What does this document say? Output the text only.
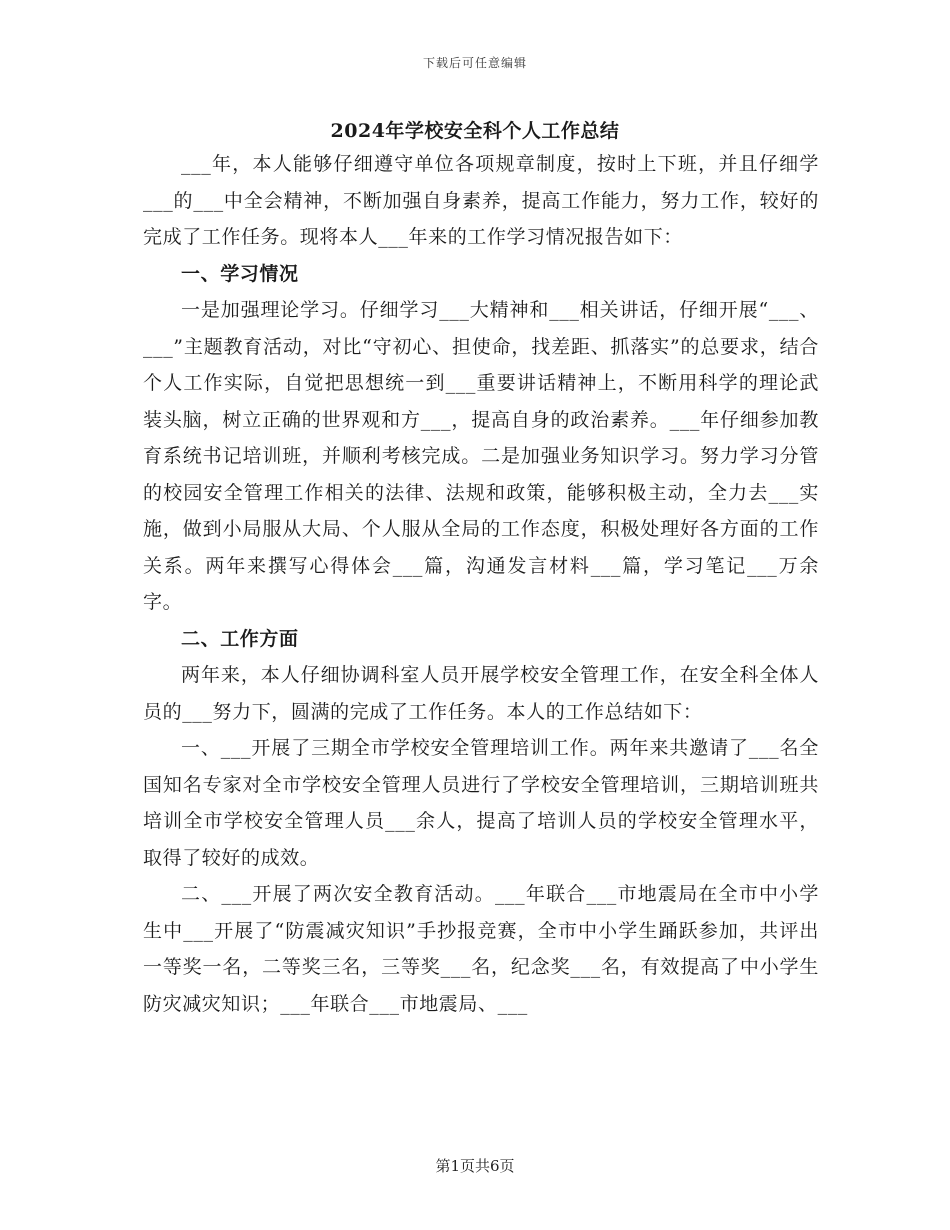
下载后可任意编辑
2024年学校安全科个人工作总结

___年，本人能够仔细遵守单位各项规章制度，按时上下班，并且仔细学___的___中全会精神，不断加强自身素养，提高工作能力，努力工作，较好的完成了工作任务。现将本人___年来的工作学习情况报告如下：

一、学习情况

一是加强理论学习。仔细学习___大精神和___相关讲话，仔细开展“___、___”主题教育活动，对比“守初心、担使命，找差距、抓落实”的总要求，结合个人工作实际，自觉把思想统一到___重要讲话精神上，不断用科学的理论武装头脑，树立正确的世界观和方___，提高自身的政治素养。___年仔细参加教育系统书记培训班，并顺利考核完成。二是加强业务知识学习。努力学习分管的校园安全管理工作相关的法律、法规和政策，能够积极主动，全力去___实施，做到小局服从大局、个人服从全局的工作态度，积极处理好各方面的工作关系。两年来撰写心得体会___篇，沟通发言材料___篇，学习笔记___万余字。

二、工作方面

两年来，本人仔细协调科室人员开展学校安全管理工作，在安全科全体人员的___努力下，圆满的完成了工作任务。本人的工作总结如下：

一、___开展了三期全市学校安全管理培训工作。两年来共邀请了___名全国知名专家对全市学校安全管理人员进行了学校安全管理培训，三期培训班共培训全市学校安全管理人员___余人，提高了培训人员的学校安全管理水平，取得了较好的成效。

二、___开展了两次安全教育活动。___年联合___市地震局在全市中小学生中___开展了“防震减灾知识”手抄报竞赛，全市中小学生踊跃参加，共评出一等奖一名，二等奖三名，三等奖___名，纪念奖___名，有效提高了中小学生防灾减灾知识；___年联合___市地震局、___

第1页共6页
